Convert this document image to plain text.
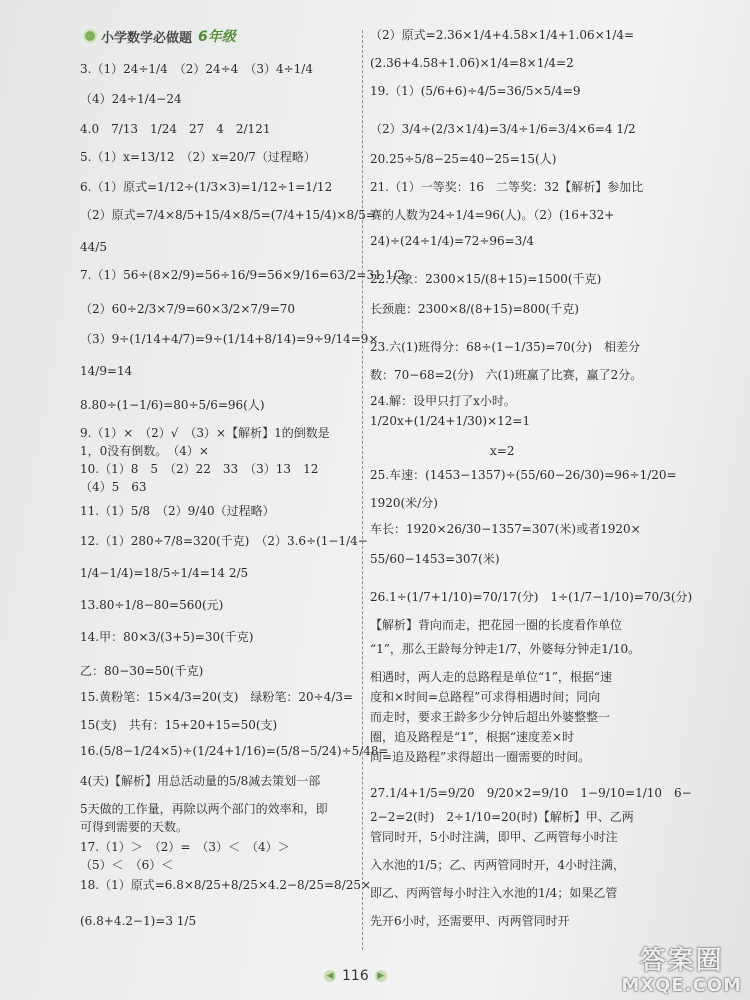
小学数学必做题 6年级
3.（1）24÷1/4　（2）24÷4　（3）4÷1/4
（4）24÷1/4−24
4.0　7/13　1/24　27　4　2/121
5.（1）x=13/12　（2）x=20/7（过程略）
6.（1）原式=1/12÷(1/3×3)=1/12÷1=1/12
（2）原式=7/4×8/5+15/4×8/5=(7/4+15/4)×8/5=
44/5
7.（1）56÷(8×2/9)=56÷16/9=56×9/16=63/2=31 1/2
（2）60÷2/3×7/9=60×3/2×7/9=70
（3）9÷(1/14+4/7)=9÷(1/14+8/14)=9÷9/14=9×
14/9=14
8.80÷(1−1/6)=80÷5/6=96(人)
9.（1）×　（2）√　（3）×【解析】1的倒数是
1，0没有倒数。　（4）×
10.（1）8　5　（2）22　33　（3）13　12
（4）5　63
11.（1）5/8　（2）9/40（过程略）
12.（1）280÷7/8=320(千克)　（2）3.6÷(1−1/4−
1/4−1/4)=18/5÷1/4=14 2/5
13.80÷1/8−80=560(元)
14.甲：80×3/(3+5)=30(千克)
乙：80−30=50(千克)
15.黄粉笔：15×4/3=20(支)　绿粉笔：20÷4/3=
15(支)　共有：15+20+15=50(支)
16.(5/8−1/24×5)÷(1/24+1/16)=(5/8−5/24)÷5/48=
4(天)【解析】用总活动量的5/8减去策划一部
5天做的工作量，再除以两个部门的效率和，即
可得到需要的天数。
17.（1）＞　（2）=　（3）＜　（4）＞
（5）＜　（6）＜
18.（1）原式=6.8×8/25+8/25×4.2−8/25=8/25×
(6.8+4.2−1)=3 1/5
（2）原式=2.36×1/4+4.58×1/4+1.06×1/4=
(2.36+4.58+1.06)×1/4=8×1/4=2
19.（1）(5/6+6)÷4/5=36/5×5/4=9
（2）3/4÷(2/3×1/4)=3/4÷1/6=3/4×6=4 1/2
20.25÷5/8−25=40−25=15(人)
21.（1）一等奖：16　二等奖：32【解析】参加比
赛的人数为24÷1/4=96(人)。（2）(16+32+
24)÷(24÷1/4)=72÷96=3/4
22.大象：2300×15/(8+15)=1500(千克)
长颈鹿：2300×8/(8+15)=800(千克)
23.六(1)班得分：68÷(1−1/35)=70(分)　相差分
数：70−68=2(分)　六(1)班赢了比赛，赢了2分。
24.解：设甲只打了x小时。
1/20x+(1/24+1/30)×12=1
x=2
25.车速：(1453−1357)÷(55/60−26/30)=96÷1/20=
1920(米/分)
车长：1920×26/30−1357=307(米)或者1920×
55/60−1453=307(米)
26.1÷(1/7+1/10)=70/17(分)　1÷(1/7−1/10)=70/3(分)
【解析】背向而走，把花园一圈的长度看作单位
“1”，那么王龄每分钟走1/7，外婆每分钟走1/10。
相遇时，两人走的总路程是单位“1”，根据“速
度和×时间=总路程”可求得相遇时间；同向
而走时，要求王龄多少分钟后超出外婆整整一
圈，追及路程是“1”，根据“速度差×时
间=追及路程”求得超出一圈需要的时间。
27.1/4+1/5=9/20　9/20×2=9/10　1−9/10=1/10　6−
2−2=2(时)　2÷1/10=20(时)【解析】甲、乙两
管同时开，5小时注满，即甲、乙两管每小时注
入水池的1/5；乙、丙两管同时开，4小时注满，
即乙、丙两管每小时注入水池的1/4；如果乙管
先开6小时，还需要甲、丙两管同时开
◀ 116 ▶	答案圈
MXQE.COM
